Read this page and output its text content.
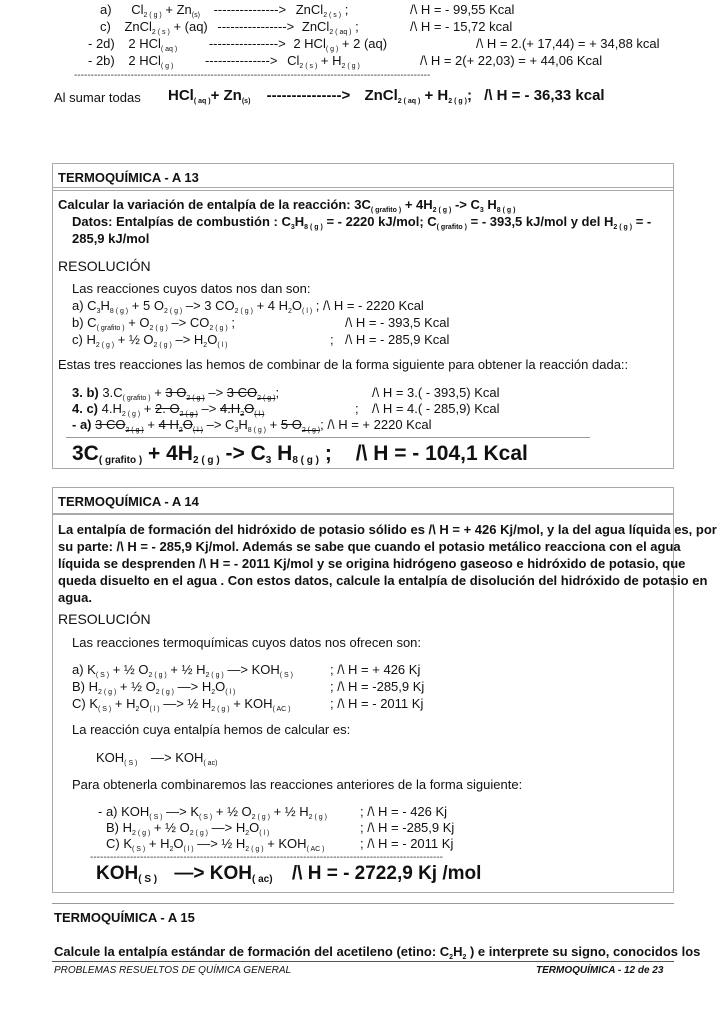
a) $Cl_{2 ( g )} + Zn_{(s)}$ ---------------> ZnCl$_{2 ( s )}$ ;	/\ H = - 99,55 Kcal
c) ZnCl$_{2 ( s )}$ + (aq) ----------------> ZnCl$_{2 ( aq )}$ ;	/\ H = - 15,72 kcal
- 2d) 2 HCl$_{( aq )}$ ----------------> 2 HCl$_{( g )}$ + 2 (aq)	/\ H = 2.(+ 17,44) = + 34,88 kcal
- 2b) 2 HCl$_{( g )}$ ---------------> $Cl_{2 ( s )} + H_{2 ( g )}$	/\ H = 2(+ 22,03) = + 44,06 Kcal
-----------------------------------------------------------------------------------------------------------
Al sumar todas $HCl_{( aq )}+ Zn_{(s)}$ ---------------> ZnCl$_{2 ( aq )}$ + $H_{2 ( g )}$; /\ H = - 36,33 kcal
TERMOQUÍMICA - A 13
Calcular la variación de entalpía de la reacción: $3C_{( grafito )} + 4H_{2 ( g )} -> C_3$ $H_{8 ( g )}$
Datos: Entalpías de combustión : $C_3H_{8 ( g )}$ = - 2220 kJ/mol; $C_{( grafito )}$ = - 393,5 kJ/mol y del $H_{2 ( g )}$ = -
285,9 kJ/mol
RESOLUCIÓN
Las reacciones cuyos datos nos dan son:
a) $C_3H_{8 ( g )} + 5$ $O_{2 ( g )} -> 3$ $CO_{2 ( g )} + 4$ $H_2O_{( l )}$ ; /\ H = - 2220 Kcal
b) $C_{( grafito )} + O_{2 ( g )} -> CO_{2 ( g )}$ ;	/\ H = - 393,5 Kcal
c) $H_{2 ( g )}$ + ½ $O_{2 ( g )} -> H_2O_{( l )}$	; /\ H = - 285,9 Kcal
Estas tres reacciones las hemos de combinar de la forma siguiente para obtener la reacción dada::
3. b) $3.C_{( grafito )} + 3$ $O_{2 ( g )} -> 3$ $CO_{2 ( g )}$;	/\ H = 3.( - 393,5) Kcal
4. c) $4.H_{2 ( g )} + 2$. $O_{2 ( g )} -> 4.H_2O_{( l )}$	; /\ H = 4.( - 285,9) Kcal
- a) 3 $CO_{2 ( g )} + 4$ $H_2O_{( l )} -> C_3H_{8 ( g )} + 5$ $O_{2 ( g )}$; /\ H = + 2220 Kcal
$3C_{( grafito )} + 4H_{2 ( g )} -> C_3$ $H_{8 ( g )}$ ; /\ H = - 104,1 Kcal
TERMOQUÍMICA - A 14
La entalpía de formación del hidróxido de potasio sólido es /\ H = + 426 Kj/mol, y la del agua líquida es, por
su parte: /\ H = - 285,9 Kj/mol. Además se sabe que cuando el potasio metálico reacciona con el agua
líquida se desprenden /\ H = - 2011 Kj/mol y se origina hidrógeno gaseoso e hidróxido de potasio, que
queda disuelto en el agua . Con estos datos, calcule la entalpía de disolución del hidróxido de potasio en
agua.
RESOLUCIÓN
Las reacciones termoquímicas cuyos datos nos ofrecen son:
a) $K_{( S )}$ + ½ $O_{2 ( g )}$ + ½ $H_{2 ( g )}$ —> $KOH_{( S )}$	; /\ H = + 426 Kj
B) $H_{2 ( g )}$ + ½ $O_{2 ( g )}$ —> $H_2O_{( l )}$	; /\ H = -285,9 Kj
C) $K_{( S )} + H_2O_{( l )}$ —> ½ $H_{2 ( g )} + KOH_{( AC )}$	; /\ H = - 2011 Kj
La reacción cuya entalpía hemos de calcular es:
$KOH_{( S )}$ —> $KOH_{( ac)}$
Para obtenerla combinaremos las reacciones anteriores de la forma siguiente:
- a) $KOH_{( S )}$ —> $K_{( S )}$ + ½ $O_{2 ( g )}$ + ½ $H_{2 ( g )}$	; /\ H = - 426 Kj
B) $H_{2 ( g )}$ + ½ $O_{2 ( g )}$ —> $H_2O_{( l )}$	; /\ H = -285,9 Kj
C) $K_{( S )} + H_2O_{( l )}$ —> ½ $H_{2 ( g )} + KOH_{( AC )}$	; /\ H = - 2011 Kj
----------------------------------------------------------------------------------------------------------
$KOH_{( S )}$ —> $KOH_{( ac)}$ /\ H = - 2722,9 Kj /mol
TERMOQUÍMICA - A 15
Calcule la entalpía estándar de formación del acetileno (etino: $C_2H_2$ ) e interprete su signo, conocidos los
PROBLEMAS RESUELTOS DE QUÍMICA GENERAL	TERMOQUÍMICA - 12 de 23
